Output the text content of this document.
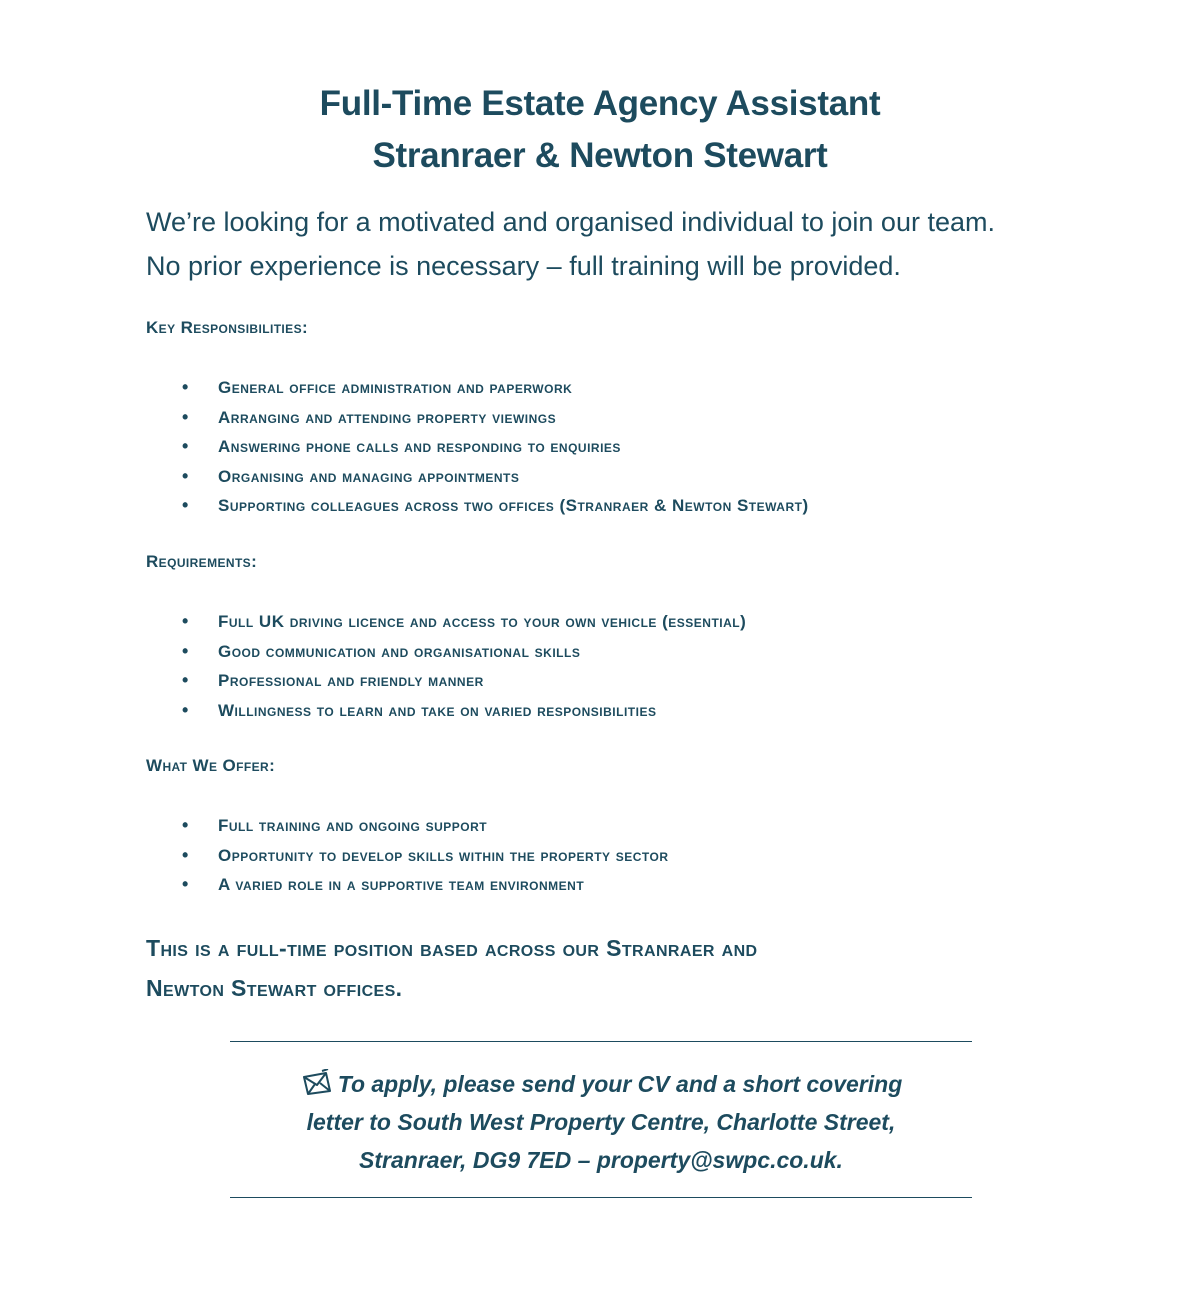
Full-Time Estate Agency Assistant
Stranraer & Newton Stewart
We’re looking for a motivated and organised individual to join our team.
No prior experience is necessary – full training will be provided.
Key Responsibilities:
• General office administration and paperwork
• Arranging and attending property viewings
• Answering phone calls and responding to enquiries
• Organising and managing appointments
• Supporting colleagues across two offices (Stranraer & Newton Stewart)
Requirements:
• Full UK driving licence and access to your own vehicle (essential)
• Good communication and organisational skills
• Professional and friendly manner
• Willingness to learn and take on varied responsibilities
What We Offer:
• Full training and ongoing support
• Opportunity to develop skills within the property sector
• A varied role in a supportive team environment
This is a full-time position based across our Stranraer and
Newton Stewart offices.
To apply, please send your CV and a short covering
letter to South West Property Centre, Charlotte Street,
Stranraer, DG9 7ED – property@swpc.co.uk.
